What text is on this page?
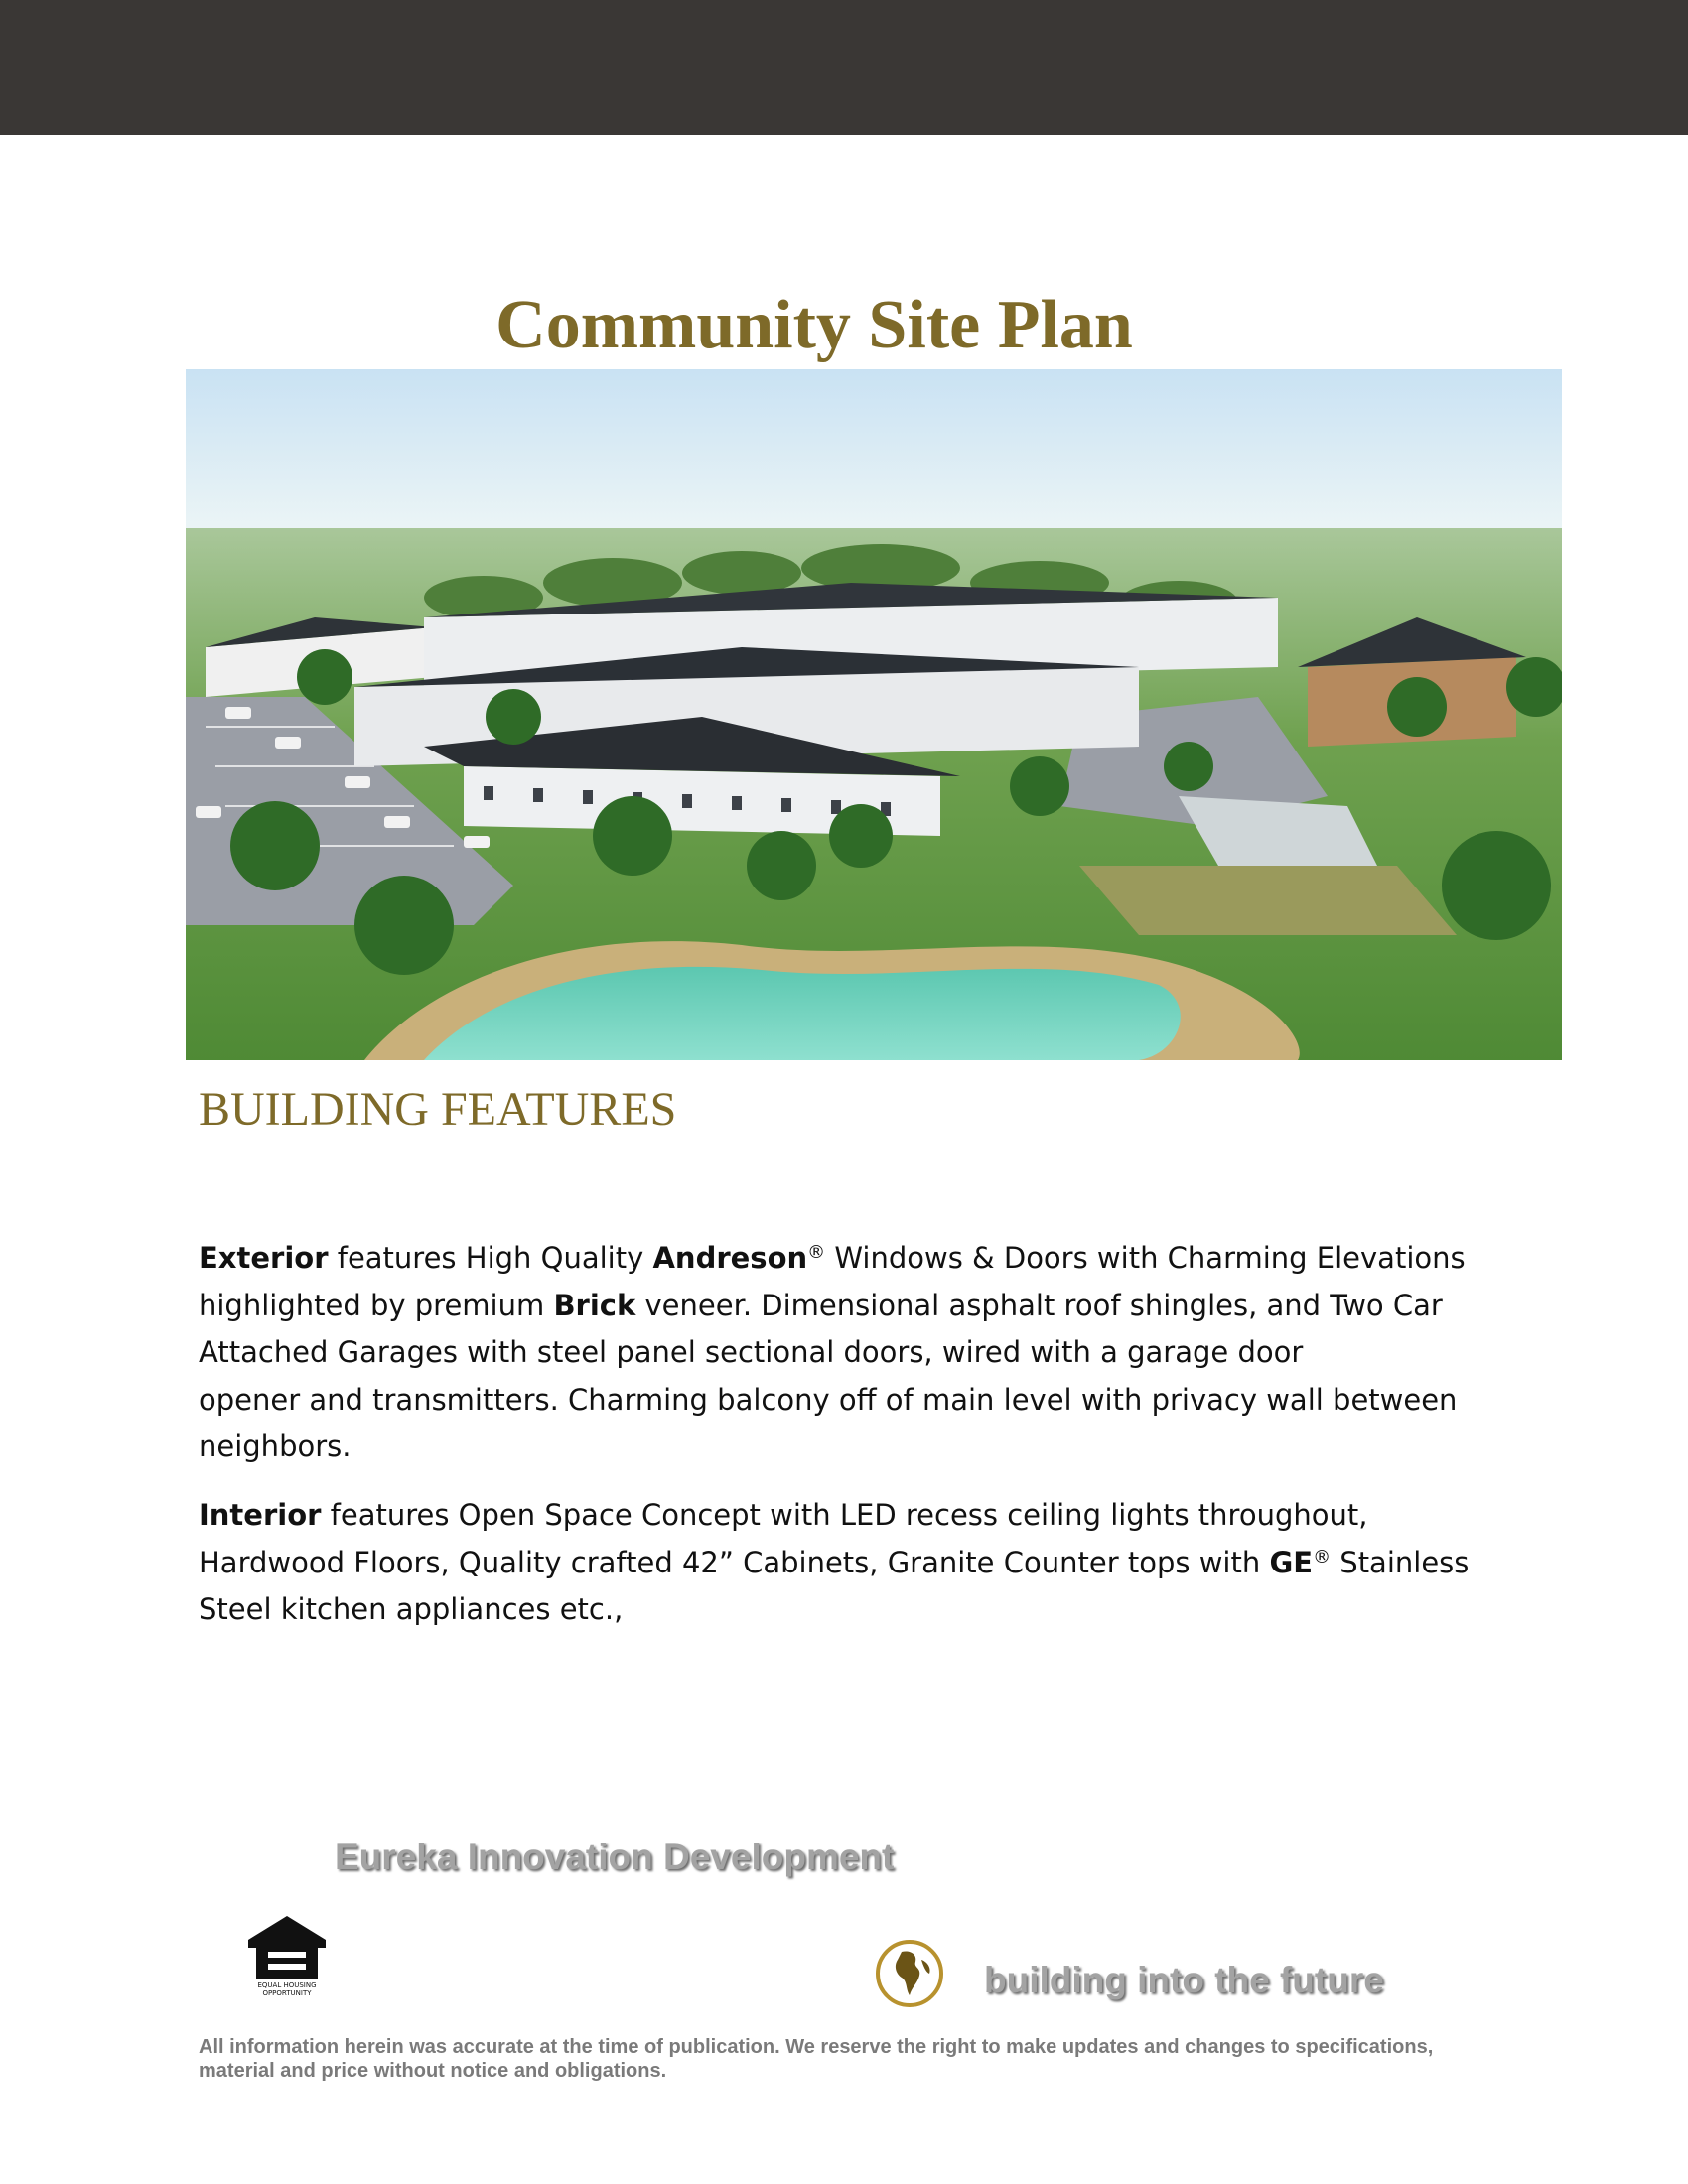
Community Site Plan
BUILDING FEATURES

Exterior features High Quality Andreson® Windows & Doors with Charming Elevations highlighted by premium Brick veneer. Dimensional asphalt roof shingles, and Two Car Attached Garages with steel panel sectional doors, wired with a garage door
opener and transmitters. Charming balcony off of main level with privacy wall between neighbors.

Interior features Open Space Concept with LED recess ceiling lights throughout, Hardwood Floors, Quality crafted 42” Cabinets, Granite Counter tops with GE® Stainless Steel kitchen appliances etc.,

Eureka Innovation Development

EQUAL HOUSING OPPORTUNITY	building into the future

All information herein was accurate at the time of publication. We reserve the right to make updates and changes to specifications, material and price without notice and obligations.
